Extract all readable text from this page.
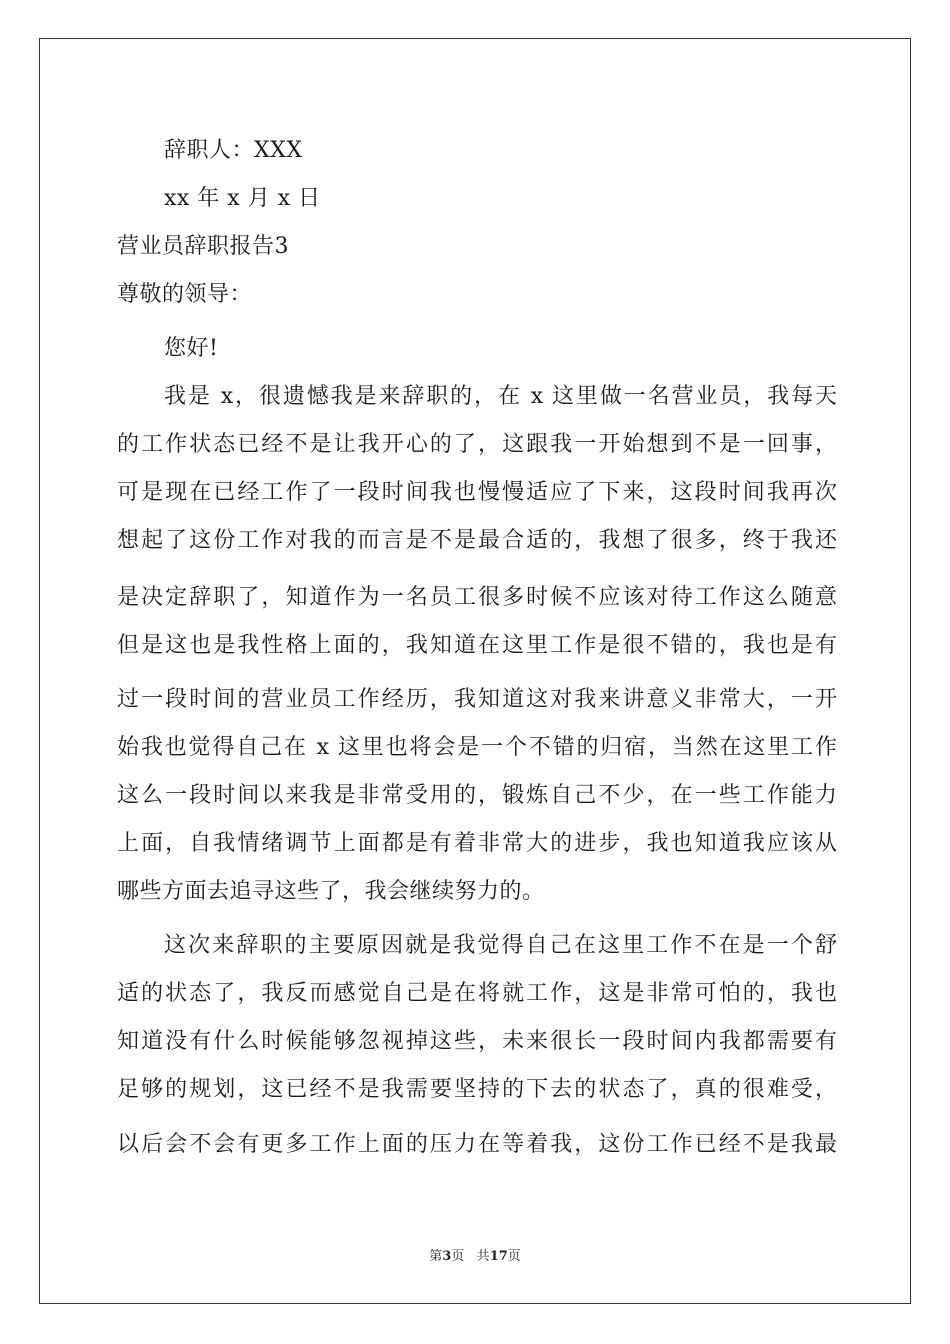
辞职人：XXX
xx 年 x 月 x 日
营业员辞职报告3
尊敬的领导：
您好!
我是 x，很遗憾我是来辞职的，在 x 这里做一名营业员，我每天
的工作状态已经不是让我开心的了，这跟我一开始想到不是一回事，
可是现在已经工作了一段时间我也慢慢适应了下来，这段时间我再次
想起了这份工作对我的而言是不是最合适的，我想了很多，终于我还
是决定辞职了，知道作为一名员工很多时候不应该对待工作这么随意
但是这也是我性格上面的，我知道在这里工作是很不错的，我也是有
过一段时间的营业员工作经历，我知道这对我来讲意义非常大，一开
始我也觉得自己在 x 这里也将会是一个不错的归宿，当然在这里工作
这么一段时间以来我是非常受用的，锻炼自己不少，在一些工作能力
上面，自我情绪调节上面都是有着非常大的进步，我也知道我应该从
哪些方面去追寻这些了，我会继续努力的。
这次来辞职的主要原因就是我觉得自己在这里工作不在是一个舒
适的状态了，我反而感觉自己是在将就工作，这是非常可怕的，我也
知道没有什么时候能够忽视掉这些，未来很长一段时间内我都需要有
足够的规划，这已经不是我需要坚持的下去的状态了，真的很难受，
以后会不会有更多工作上面的压力在等着我，这份工作已经不是我最
第3页 共17页
